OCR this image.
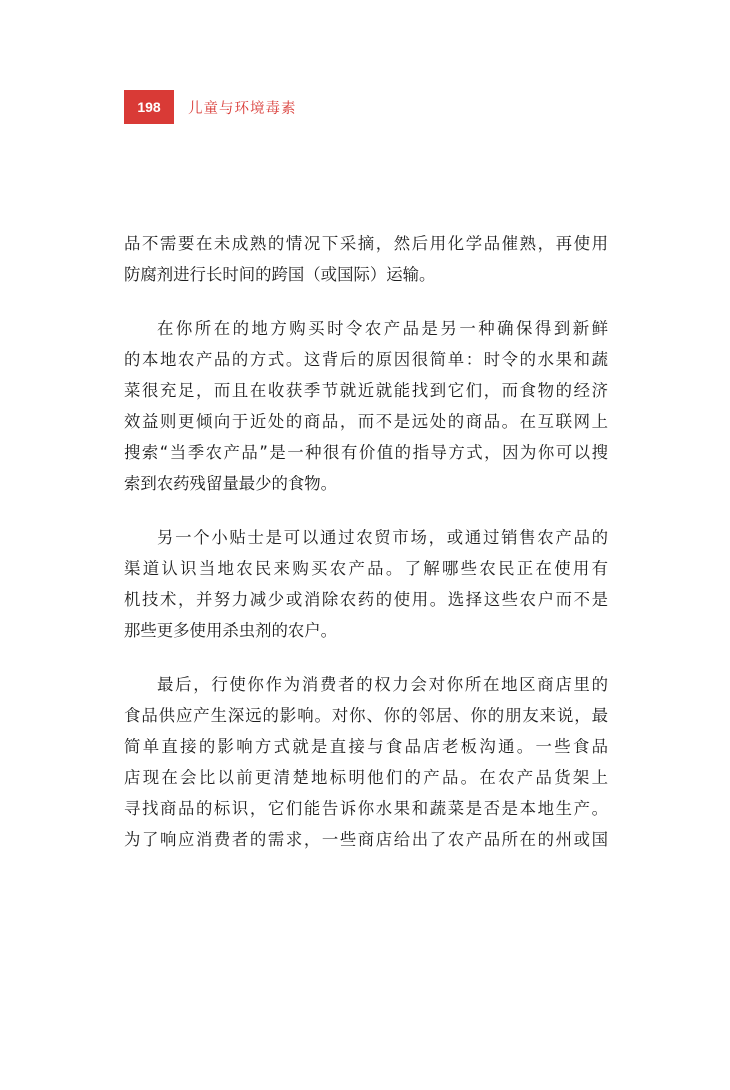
198	儿童与环境毒素
品不需要在未成熟的情况下采摘，然后用化学品催熟，再使用
防腐剂进行长时间的跨国（或国际）运输。
在你所在的地方购买时令农产品是另一种确保得到新鲜
的本地农产品的方式。这背后的原因很简单：时令的水果和蔬
菜很充足，而且在收获季节就近就能找到它们，而食物的经济
效益则更倾向于近处的商品，而不是远处的商品。在互联网上
搜索“当季农产品”是一种很有价值的指导方式，因为你可以搜
索到农药残留量最少的食物。
另一个小贴士是可以通过农贸市场，或通过销售农产品的
渠道认识当地农民来购买农产品。了解哪些农民正在使用有
机技术，并努力减少或消除农药的使用。选择这些农户而不是
那些更多使用杀虫剂的农户。
最后，行使你作为消费者的权力会对你所在地区商店里的
食品供应产生深远的影响。对你、你的邻居、你的朋友来说，最
简单直接的影响方式就是直接与食品店老板沟通。一些食品
店现在会比以前更清楚地标明他们的产品。在农产品货架上
寻找商品的标识，它们能告诉你水果和蔬菜是否是本地生产。
为了响应消费者的需求，一些商店给出了农产品所在的州或国
